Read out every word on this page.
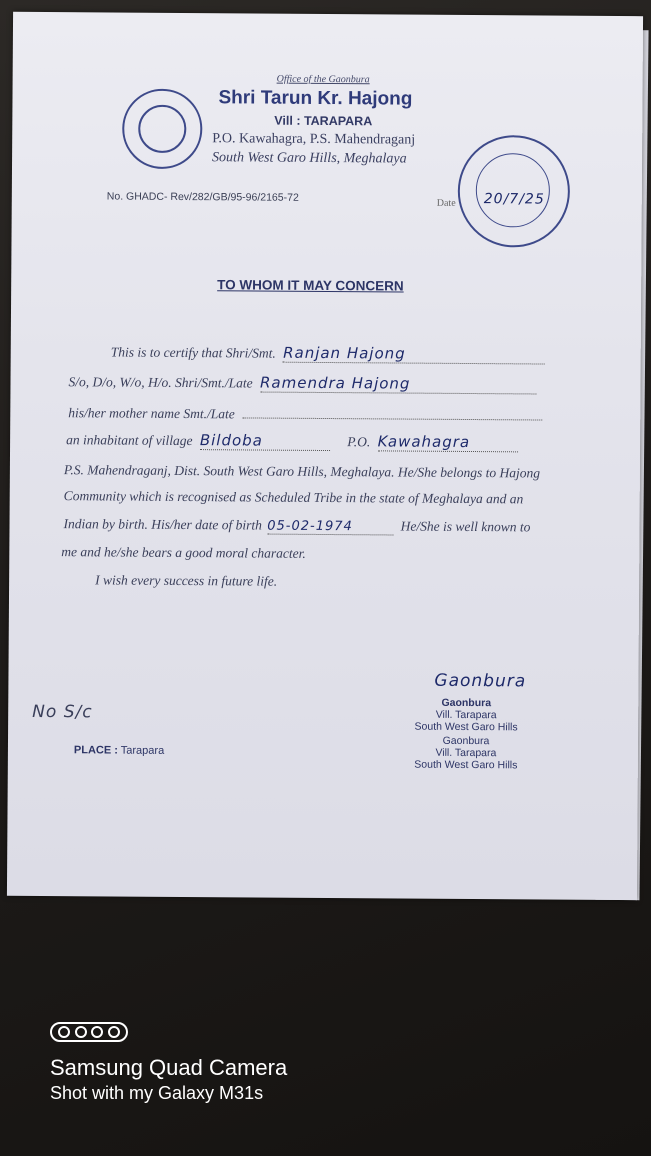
Office of the Gaonbura
Shri Tarun Kr. Hajong
Vill : TARAPARA
P.O. Kawahagra, P.S. Mahendraganj
South West Garo Hills, Meghalaya
No. GHADC- Rev/282/GB/95-96/2165-72	Date 20/7/25
TO WHOM IT MAY CONCERN
This is to certify that Shri/Smt. Ranjan Hajong
S/o, D/o, W/o, H/o. Shri/Smt./Late Ramendra Hajong
his/her mother name Smt./Late
an inhabitant of village Bildoba	P.O. Kawahagra
P.S. Mahendraganj, Dist. South West Garo Hills, Meghalaya. He/She belongs to Hajong
Community which is recognised as Scheduled Tribe in the state of Meghalaya and an
Indian by birth. His/her date of birth 05-02-1974	He/She is well known to
me and he/she bears a good moral character.
I wish every success in future life.
No S/c
PLACE : Tarapara
Gaonbura
Gaonbura
Vill. Tarapara
South West Garo Hills
Gaonbura
Vill. Tarapara
South West Garo Hills
Samsung Quad Camera
Shot with my Galaxy M31s
